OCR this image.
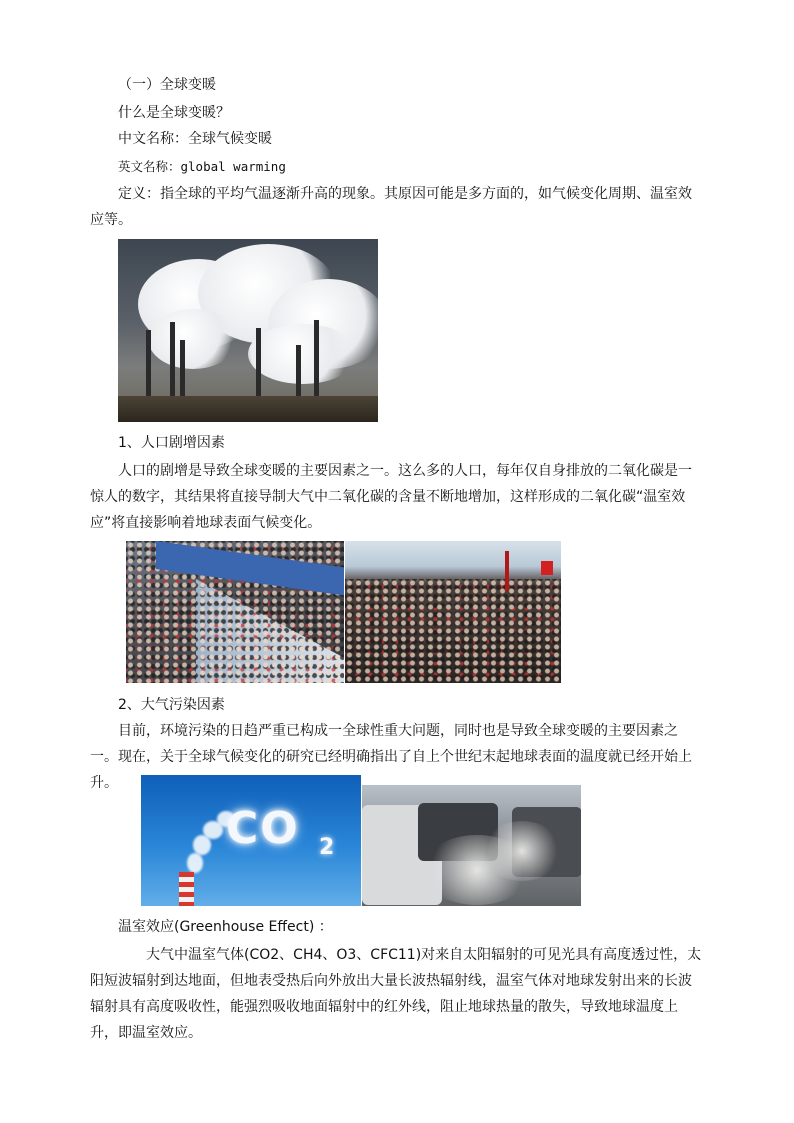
（一）全球变暖

什么是全球变暖？

中文名称：全球气候变暖

英文名称：global warming

定义：指全球的平均气温逐渐升高的现象。其原因可能是多方面的，如气候变化周期、温室效应等。

1、人口剧增因素

人口的剧增是导致全球变暖的主要因素之一。这么多的人口，每年仅自身排放的二氧化碳是一惊人的数字，其结果将直接导制大气中二氧化碳的含量不断地增加，这样形成的二氧化碳“温室效应”将直接影响着地球表面气候变化。

2、大气污染因素

目前，环境污染的日趋严重已构成一全球性重大问题，同时也是导致全球变暖的主要因素之一。现在，关于全球气候变化的研究已经明确指出了自上个世纪末起地球表面的温度就已经开始上升。

CO 2

温室效应(Greenhouse Effect) ：

大气中温室气体(CO2、CH4、O3、CFC11)对来自太阳辐射的可见光具有高度透过性，太阳短波辐射到达地面，但地表受热后向外放出大量长波热辐射线，温室气体对地球发射出来的长波辐射具有高度吸收性，能强烈吸收地面辐射中的红外线，阻止地球热量的散失，导致地球温度上升，即温室效应。
